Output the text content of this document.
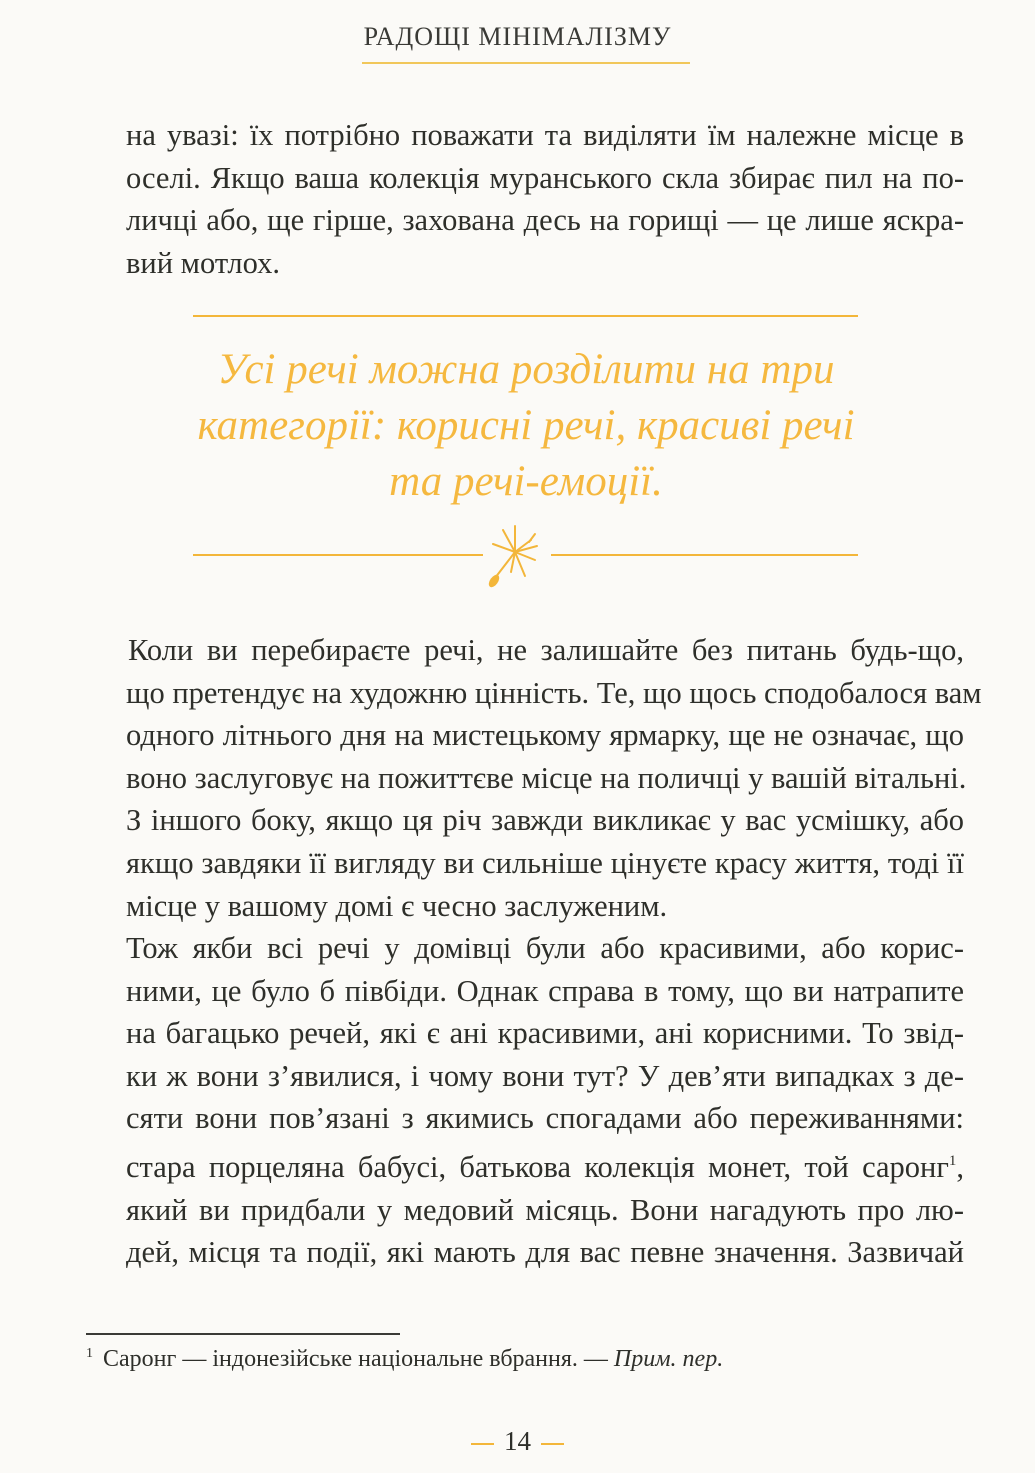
РАДОЩІ МІНІМАЛІЗМУ
на увазі: їх потрібно поважати та виділяти їм належне місце в
оселі. Якщо ваша колекція муранського скла збирає пил на по-
личці або, ще гірше, захована десь на горищі — це лише яскра-
вий мотлох.
Усі речі можна розділити на три
категорії: корисні речі, красиві речі
та речі-емоції.
Коли ви перебираєте речі, не залишайте без питань будь-що,
що претендує на художню цінність. Те, що щось сподобалося вам
одного літнього дня на мистецькому ярмарку, ще не означає, що
воно заслуговує на пожиттєве місце на поличці у вашій вітальні.
З іншого боку, якщо ця річ завжди викликає у вас усмішку, або
якщо завдяки її вигляду ви сильніше цінуєте красу життя, тоді її
місце у вашому домі є чесно заслуженим.
Тож якби всі речі у домівці були або красивими, або корис-
ними, це було б півбіди. Однак справа в тому, що ви натрапите
на багацько речей, які є ані красивими, ані корисними. То звід-
ки ж вони з’явилися, і чому вони тут? У дев’яти випадках з де-
сяти вони пов’язані з якимись спогадами або переживаннями:
стара порцеляна бабусі, батькова колекція монет, той саронг$^1$,
який ви придбали у медовий місяць. Вони нагадують про лю-
дей, місця та події, які мають для вас певне значення. Зазвичай
$^1$ Саронг — індонезійське національне вбрання. — Прим. пер.
14
